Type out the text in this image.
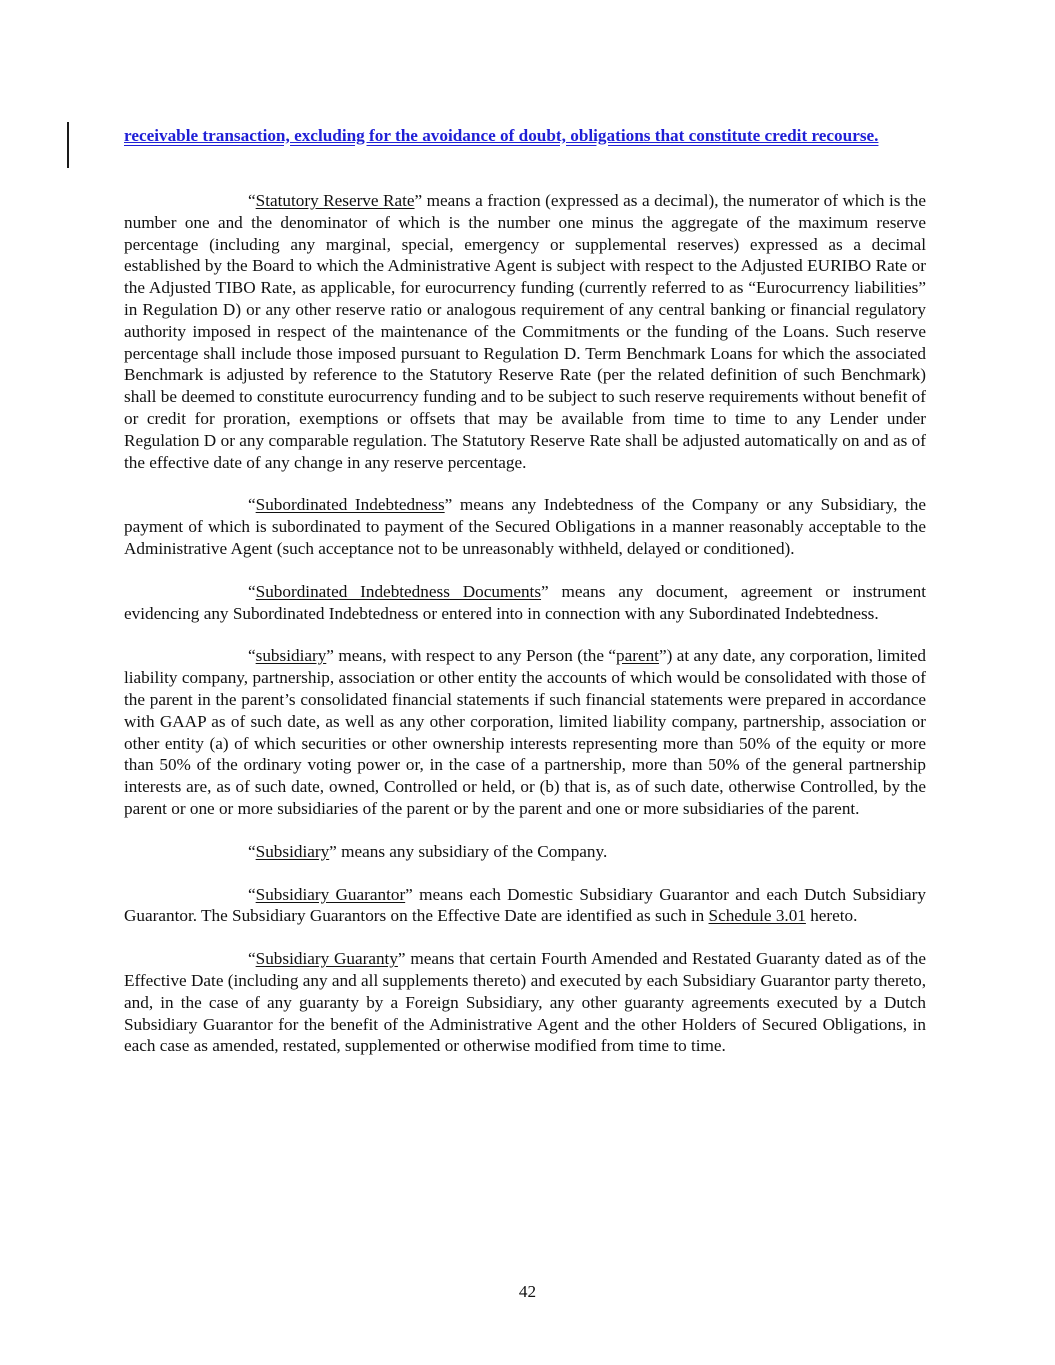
receivable transaction, excluding for the avoidance of doubt, obligations that constitute credit recourse.

“Statutory Reserve Rate” means a fraction (expressed as a decimal), the numerator of which is the number one and the denominator of which is the number one minus the aggregate of the maximum reserve percentage (including any marginal, special, emergency or supplemental reserves) expressed as a decimal established by the Board to which the Administrative Agent is subject with respect to the Adjusted EURIBO Rate or the Adjusted TIBO Rate, as applicable, for eurocurrency funding (currently referred to as “Eurocurrency liabilities” in Regulation D) or any other reserve ratio or analogous requirement of any central banking or financial regulatory authority imposed in respect of the maintenance of the Commitments or the funding of the Loans. Such reserve percentage shall include those imposed pursuant to Regulation D. Term Benchmark Loans for which the associated Benchmark is adjusted by reference to the Statutory Reserve Rate (per the related definition of such Benchmark) shall be deemed to constitute eurocurrency funding and to be subject to such reserve requirements without benefit of or credit for proration, exemptions or offsets that may be available from time to time to any Lender under Regulation D or any comparable regulation. The Statutory Reserve Rate shall be adjusted automatically on and as of the effective date of any change in any reserve percentage.

“Subordinated Indebtedness” means any Indebtedness of the Company or any Subsidiary, the payment of which is subordinated to payment of the Secured Obligations in a manner reasonably acceptable to the Administrative Agent (such acceptance not to be unreasonably withheld, delayed or conditioned).

“Subordinated Indebtedness Documents” means any document, agreement or instrument evidencing any Subordinated Indebtedness or entered into in connection with any Subordinated Indebtedness.

“subsidiary” means, with respect to any Person (the “parent”) at any date, any corporation, limited liability company, partnership, association or other entity the accounts of which would be consolidated with those of the parent in the parent’s consolidated financial statements if such financial statements were prepared in accordance with GAAP as of such date, as well as any other corporation, limited liability company, partnership, association or other entity (a) of which securities or other ownership interests representing more than 50% of the equity or more than 50% of the ordinary voting power or, in the case of a partnership, more than 50% of the general partnership interests are, as of such date, owned, Controlled or held, or (b) that is, as of such date, otherwise Controlled, by the parent or one or more subsidiaries of the parent or by the parent and one or more subsidiaries of the parent.

“Subsidiary” means any subsidiary of the Company.

“Subsidiary Guarantor” means each Domestic Subsidiary Guarantor and each Dutch Subsidiary Guarantor. The Subsidiary Guarantors on the Effective Date are identified as such in Schedule 3.01 hereto.

“Subsidiary Guaranty” means that certain Fourth Amended and Restated Guaranty dated as of the Effective Date (including any and all supplements thereto) and executed by each Subsidiary Guarantor party thereto, and, in the case of any guaranty by a Foreign Subsidiary, any other guaranty agreements executed by a Dutch Subsidiary Guarantor for the benefit of the Administrative Agent and the other Holders of Secured Obligations, in each case as amended, restated, supplemented or otherwise modified from time to time.

42
